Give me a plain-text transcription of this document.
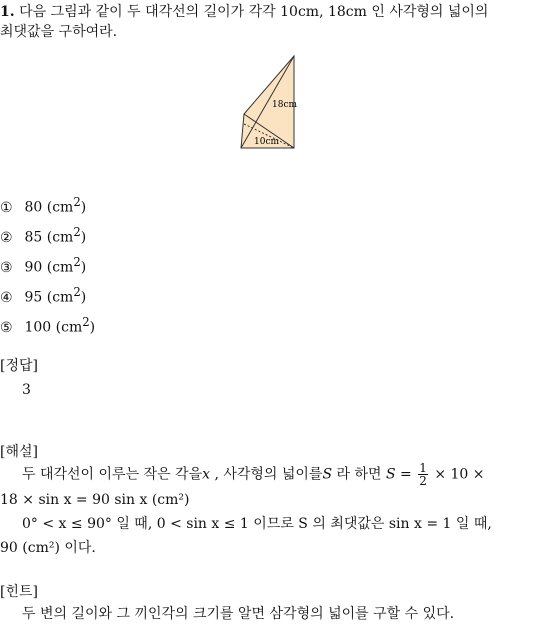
1. 다음 그림과 같이 두 대각선의 길이가 각각 10cm, 18cm 인 사각형의 넓이의
최댓값을 구하여라.
18cm
10cm
① 80 $(cm^2)$
② 85 $(cm^2)$
③ 90 $(cm^2)$
④ 95 $(cm^2)$
⑤ 100 $(cm^2)$
[정답]
3
[해설]
두 대각선이 이루는 작은 각을x , 사각형의 넓이를S 라 하면 $S = \frac{1}{2} \times 10$ ×
18 × sin x = 90 sin x (cm²)
0° < x ≤ 90° 일 때, 0 < sin x ≤ 1 이므로 S 의 최댓값은 sin x = 1 일 때,
90 (cm²) 이다.
[힌트]
두 변의 길이와 그 끼인각의 크기를 알면 삼각형의 넓이를 구할 수 있다.
